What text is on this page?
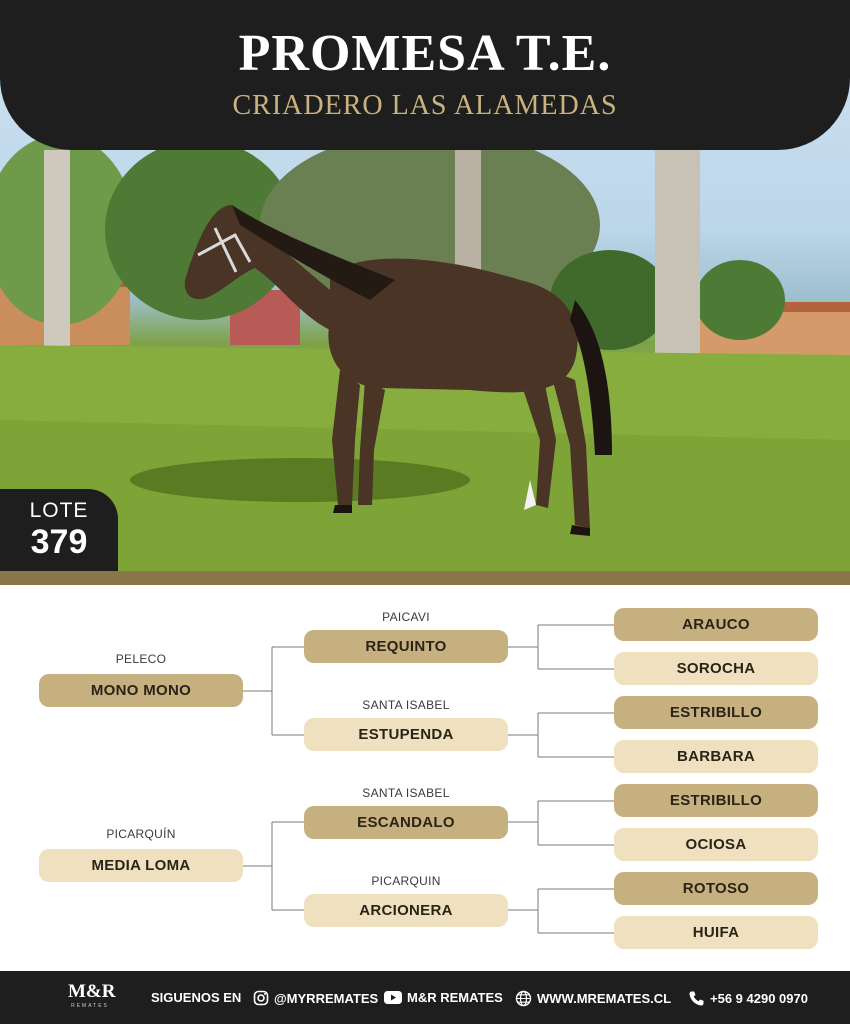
PROMESA T.E.
CRIADERO LAS ALAMEDAS
LOTE
379
PELECO
MONO MONO
PICARQUÍN
MEDIA LOMA
PAICAVI
REQUINTO
SANTA ISABEL
ESTUPENDA
SANTA ISABEL
ESCANDALO
PICARQUIN
ARCIONERA
ARAUCO
SOROCHA
ESTRIBILLO
BARBARA
ESTRIBILLO
OCIOSA
ROTOSO
HUIFA
M&R
REMATES
SIGUENOS EN	@MYRREMATES M&R REMATES	WWW.MREMATES.CL	+56 9 4290 0970
